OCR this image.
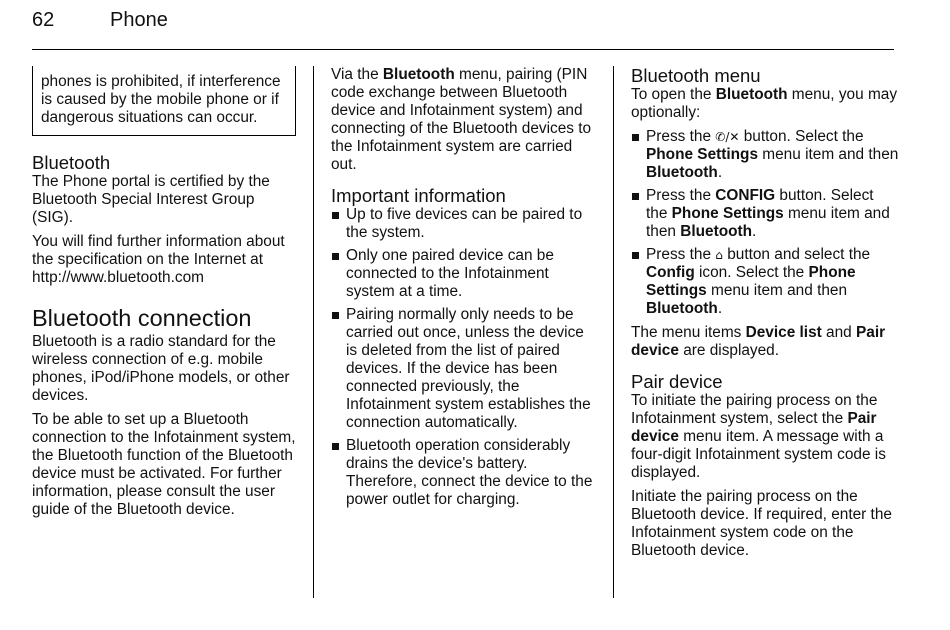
62	Phone
phones is prohibited, if interference is caused by the mobile phone or if dangerous situations can occur.
Bluetooth

The Phone portal is certified by the Bluetooth Special Interest Group (SIG).

You will find further information about the specification on the Internet at http://www.bluetooth.com

Bluetooth connection

Bluetooth is a radio standard for the wireless connection of e.g. mobile phones, iPod/iPhone models, or other devices.

To be able to set up a Bluetooth connection to the Infotainment system, the Bluetooth function of the Bluetooth device must be activated. For further information, please consult the user guide of the Bluetooth device.

Via the Bluetooth menu, pairing (PIN code exchange between Bluetooth device and Infotainment system) and connecting of the Bluetooth devices to the Infotainment system are carried out.

Important information
Up to five devices can be paired to the system.
Only one paired device can be connected to the Infotainment system at a time.
Pairing normally only needs to be carried out once, unless the device is deleted from the list of paired devices. If the device has been connected previously, the Infotainment system establishes the connection automatically.
Bluetooth operation considerably drains the device's battery. Therefore, connect the device to the power outlet for charging.
Bluetooth menu

To open the Bluetooth menu, you may optionally:

Press the ✆/✕ button. Select the Phone Settings menu item and then Bluetooth.
Press the CONFIG button. Select the Phone Settings menu item and then Bluetooth.
Press the ⌂ button and select the Config icon. Select the Phone Settings menu item and then Bluetooth.

The menu items Device list and Pair device are displayed.

Pair device

To initiate the pairing process on the Infotainment system, select the Pair device menu item. A message with a four-digit Infotainment system code is displayed.

Initiate the pairing process on the Bluetooth device. If required, enter the Infotainment system code on the Bluetooth device.
